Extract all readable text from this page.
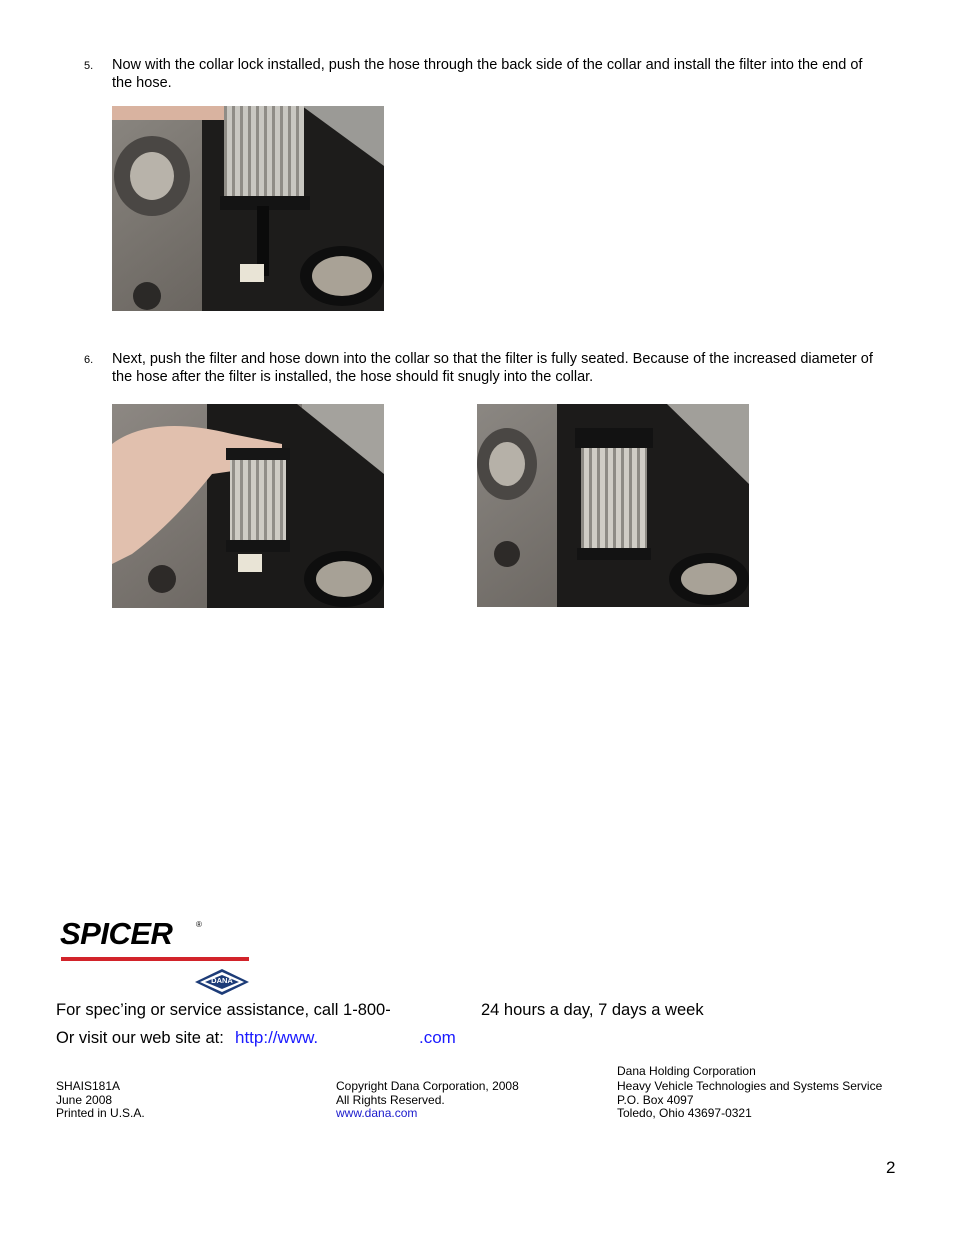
5. Now with the collar lock installed, push the hose through the back side of the collar and install the filter into the end of the hose.
6. Next, push the filter and hose down into the collar so that the filter is fully seated. Because of the increased diameter of the hose after the filter is installed, the hose should fit snugly into the collar.
SPICER	®
DANA
For spec’ing or service assistance, call 1-800-	24 hours a day, 7 days a week
Or visit our web site at: http://www.	.com
SHAIS181A
June 2008
Printed in U.S.A.
Copyright Dana Corporation, 2008
All Rights Reserved.
www.dana.com
Dana Holding Corporation
Heavy Vehicle Technologies and Systems Service
P.O. Box 4097
Toledo, Ohio 43697-0321
2
